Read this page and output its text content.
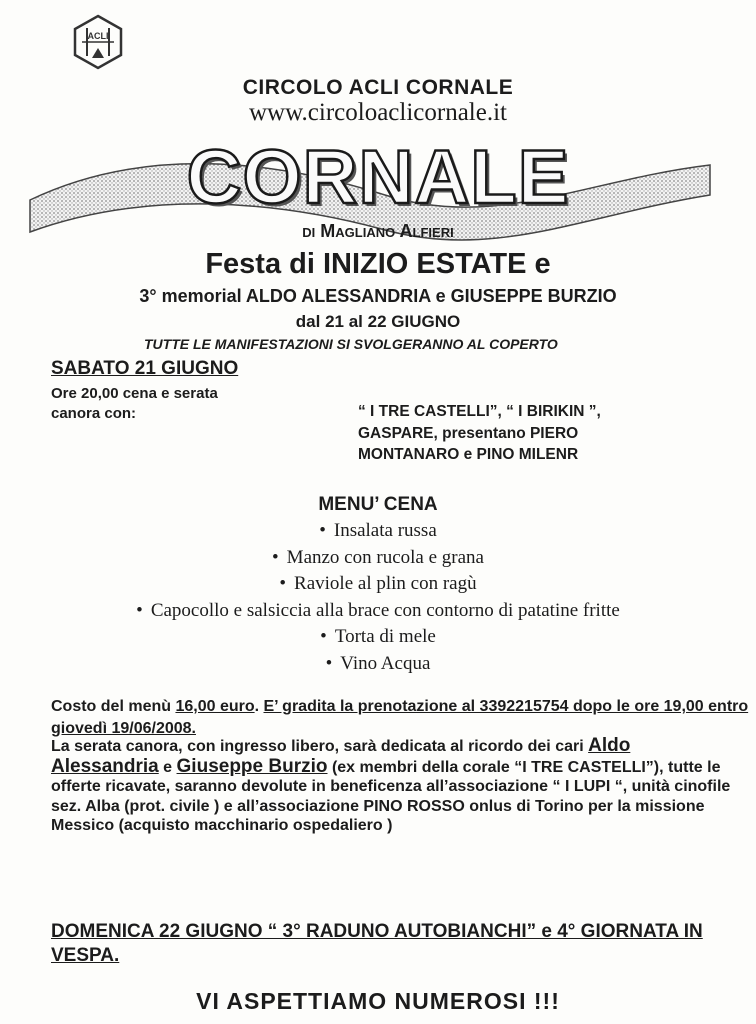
ACLI
CIRCOLO ACLI CORNALE
www.circoloaclicornale.it
CORNALE
di Magliano Alfieri
Festa di INIZIO ESTATE e
3° memorial ALDO ALESSANDRIA e GIUSEPPE BURZIO
dal 21 al 22 GIUGNO
TUTTE LE MANIFESTAZIONI SI SVOLGERANNO AL COPERTO
SABATO 21 GIUGNO
Ore 20,00 cena e serata canora con:	“ I TRE CASTELLI”, “ I BIRIKIN ”, GASPARE, presentano PIERO MONTANARO e PINO MILENR
MENU’ CENA
• Insalata russa
• Manzo con rucola e grana
• Raviole al plin con ragù
• Capocollo e salsiccia alla brace con contorno di patatine fritte
• Torta di mele
• Vino Acqua
Costo del menù 16,00 euro. E’ gradita la prenotazione al 3392215754 dopo le ore 19,00 entro giovedì 19/06/2008.
La serata canora, con ingresso libero, sarà dedicata al ricordo dei cari Aldo Alessandria e Giuseppe Burzio (ex membri della corale “I TRE CASTELLI”), tutte le offerte ricavate, saranno devolute in beneficenza all’associazione “ I LUPI “, unità cinofile sez. Alba (prot. civile ) e all’associazione PINO ROSSO onlus di Torino per la missione Messico (acquisto macchinario ospedaliero )
DOMENICA 22 GIUGNO “ 3° RADUNO AUTOBIANCHI” e 4° GIORNATA IN VESPA.
VI ASPETTIAMO NUMEROSI !!!
